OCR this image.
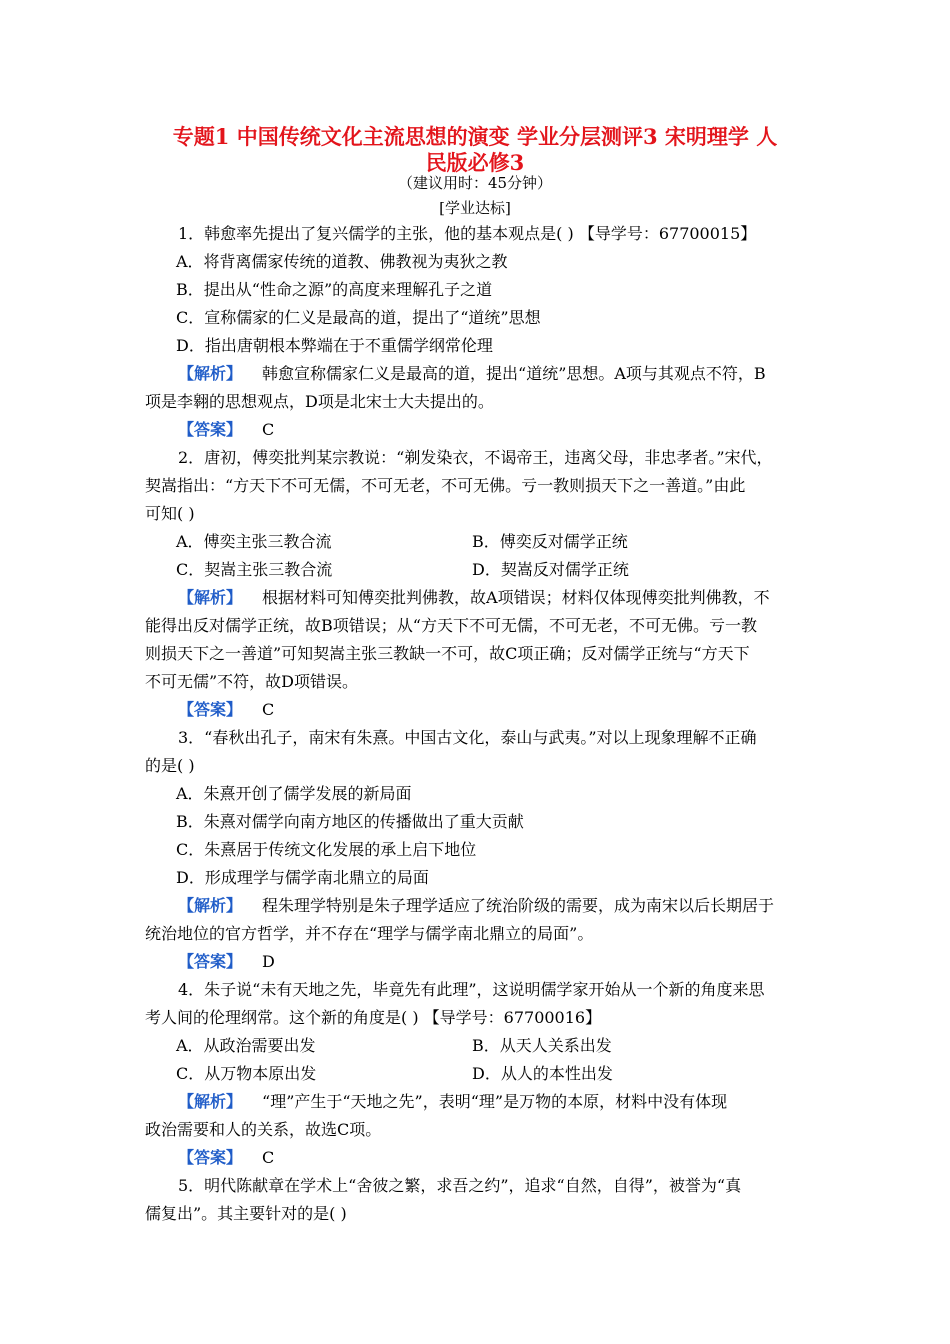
专题1 中国传统文化主流思想的演变 学业分层测评3 宋明理学 人
民版必修3
（建议用时：45分钟）
[学业达标]
1．韩愈率先提出了复兴儒学的主张，他的基本观点是( ) 【导学号：67700015】
A．将背离儒家传统的道教、佛教视为夷狄之教
B．提出从“性命之源”的高度来理解孔子之道
C．宣称儒家的仁义是最高的道，提出了“道统”思想
D．指出唐朝根本弊端在于不重儒学纲常伦理
【解析】 韩愈宣称儒家仁义是最高的道，提出“道统”思想。A项与其观点不符，B
项是李翱的思想观点，D项是北宋士大夫提出的。
【答案】 C
2．唐初，傅奕批判某宗教说：“剃发染衣，不谒帝王，违离父母，非忠孝者。”宋代，
契嵩指出：“方天下不可无儒，不可无老，不可无佛。亏一教则损天下之一善道。”由此
可知( )
A．傅奕主张三教合流	B．傅奕反对儒学正统
C．契嵩主张三教合流	D．契嵩反对儒学正统
【解析】 根据材料可知傅奕批判佛教，故A项错误；材料仅体现傅奕批判佛教，不
能得出反对儒学正统，故B项错误；从“方天下不可无儒，不可无老，不可无佛。亏一教
则损天下之一善道”可知契嵩主张三教缺一不可，故C项正确；反对儒学正统与“方天下
不可无儒”不符，故D项错误。
【答案】 C
3．“春秋出孔子，南宋有朱熹。中国古文化，泰山与武夷。”对以上现象理解不正确
的是( )
A．朱熹开创了儒学发展的新局面
B．朱熹对儒学向南方地区的传播做出了重大贡献
C．朱熹居于传统文化发展的承上启下地位
D．形成理学与儒学南北鼎立的局面
【解析】 程朱理学特别是朱子理学适应了统治阶级的需要，成为南宋以后长期居于
统治地位的官方哲学，并不存在“理学与儒学南北鼎立的局面”。
【答案】 D
4．朱子说“未有天地之先，毕竟先有此理”，这说明儒学家开始从一个新的角度来思
考人间的伦理纲常。这个新的角度是( ) 【导学号：67700016】
A．从政治需要出发	B．从天人关系出发
C．从万物本原出发	D．从人的本性出发
【解析】 “理”产生于“天地之先”，表明“理”是万物的本原，材料中没有体现
政治需要和人的关系，故选C项。
【答案】 C
5．明代陈献章在学术上“舍彼之繁，求吾之约”，追求“自然，自得”，被誉为“真
儒复出”。其主要针对的是( )
